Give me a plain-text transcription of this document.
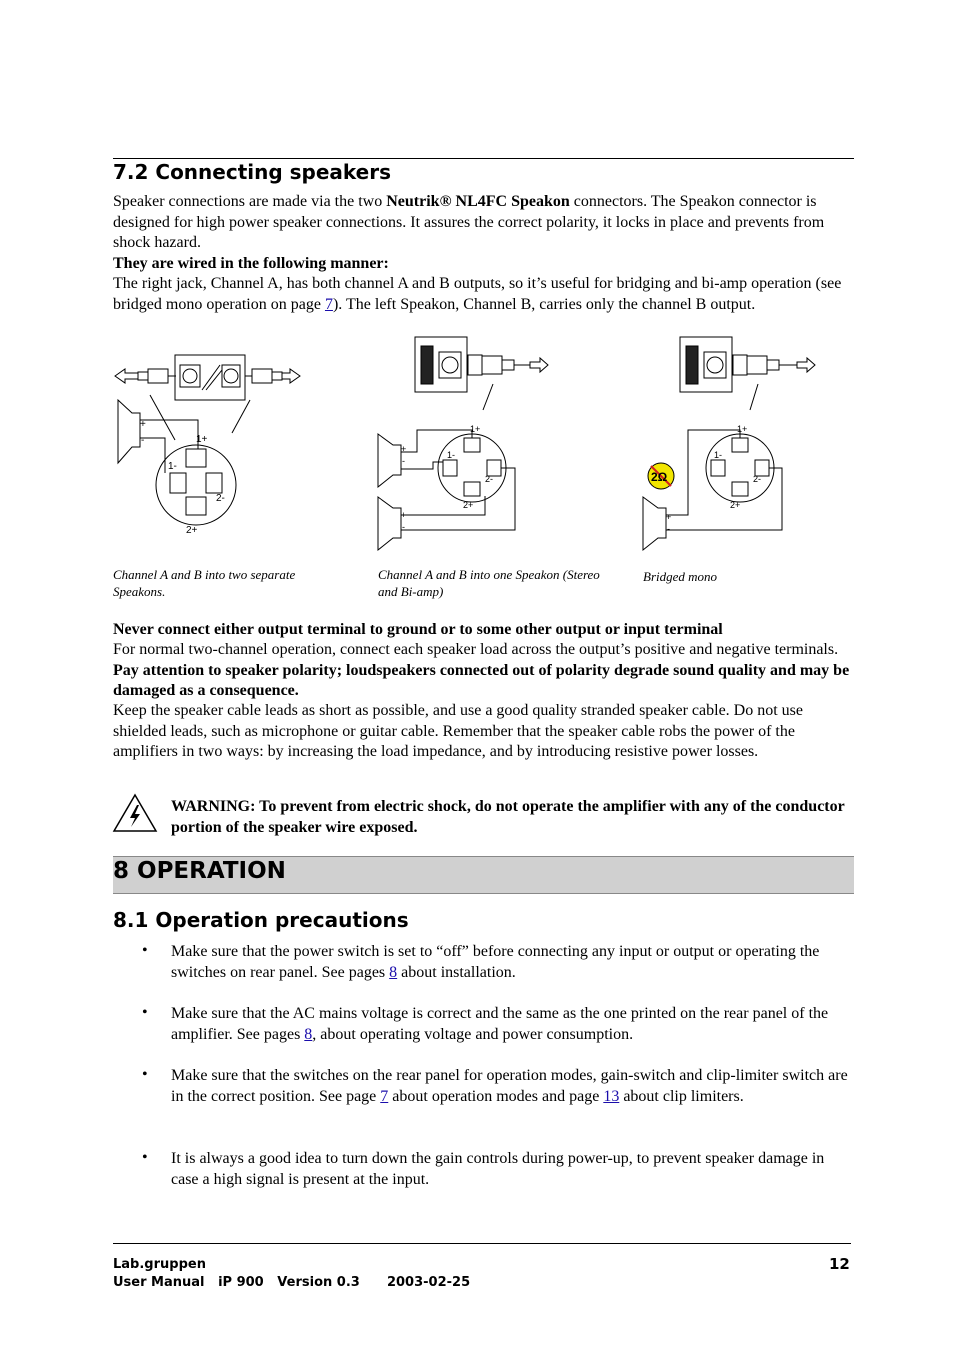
7.2 Connecting speakers
Speaker connections are made via the two Neutrik® NL4FC Speakon connectors. The Speakon connector is designed for high power speaker connections. It assures the correct polarity, it locks in place and prevents from shock hazard.
They are wired in the following manner:
The right jack, Channel A, has both channel A and B outputs, so it’s useful for bridging and bi-amp operation (see bridged mono operation on page 7). The left Speakon, Channel B, carries only the channel B output.
+
-	1+
1-
2-
2+
+
-
+
-
1+
1-
2-
2+
2Ω
+
-
1+
1-
2-
2+
Channel A and B into two separate Speakons.
Channel A and B into one Speakon (Stereo and Bi-amp)
Bridged mono
Never connect either output terminal to ground or to some other output or input terminal
For normal two-channel operation, connect each speaker load across the output’s positive and negative terminals. Pay attention to speaker polarity; loudspeakers connected out of polarity degrade sound quality and may be damaged as a consequence.
Keep the speaker cable leads as short as possible, and use a good quality stranded speaker cable. Do not use shielded leads, such as microphone or guitar cable. Remember that the speaker cable robs the power of the amplifiers in two ways: by increasing the load impedance, and by introducing resistive power losses.
WARNING: To prevent from electric shock, do not operate the amplifier with any of the conductor portion of the speaker wire exposed.
8 OPERATION
8.1 Operation precautions
• Make sure that the power switch is set to “off” before connecting any input or output or operating the switches on rear panel. See pages 8 about installation.
• Make sure that the AC mains voltage is correct and the same as the one printed on the rear panel of the amplifier. See pages 8, about operating voltage and power consumption.
• Make sure that the switches on the rear panel for operation modes, gain-switch and clip-limiter switch are in the correct position. See page 7 about operation modes and page 13 about clip limiters.
• It is always a good idea to turn down the gain controls during power-up, to prevent speaker damage in case a high signal is present at the input.
Lab.gruppen
User Manual   iP 900   Version 0.3      2003-02-25
12
